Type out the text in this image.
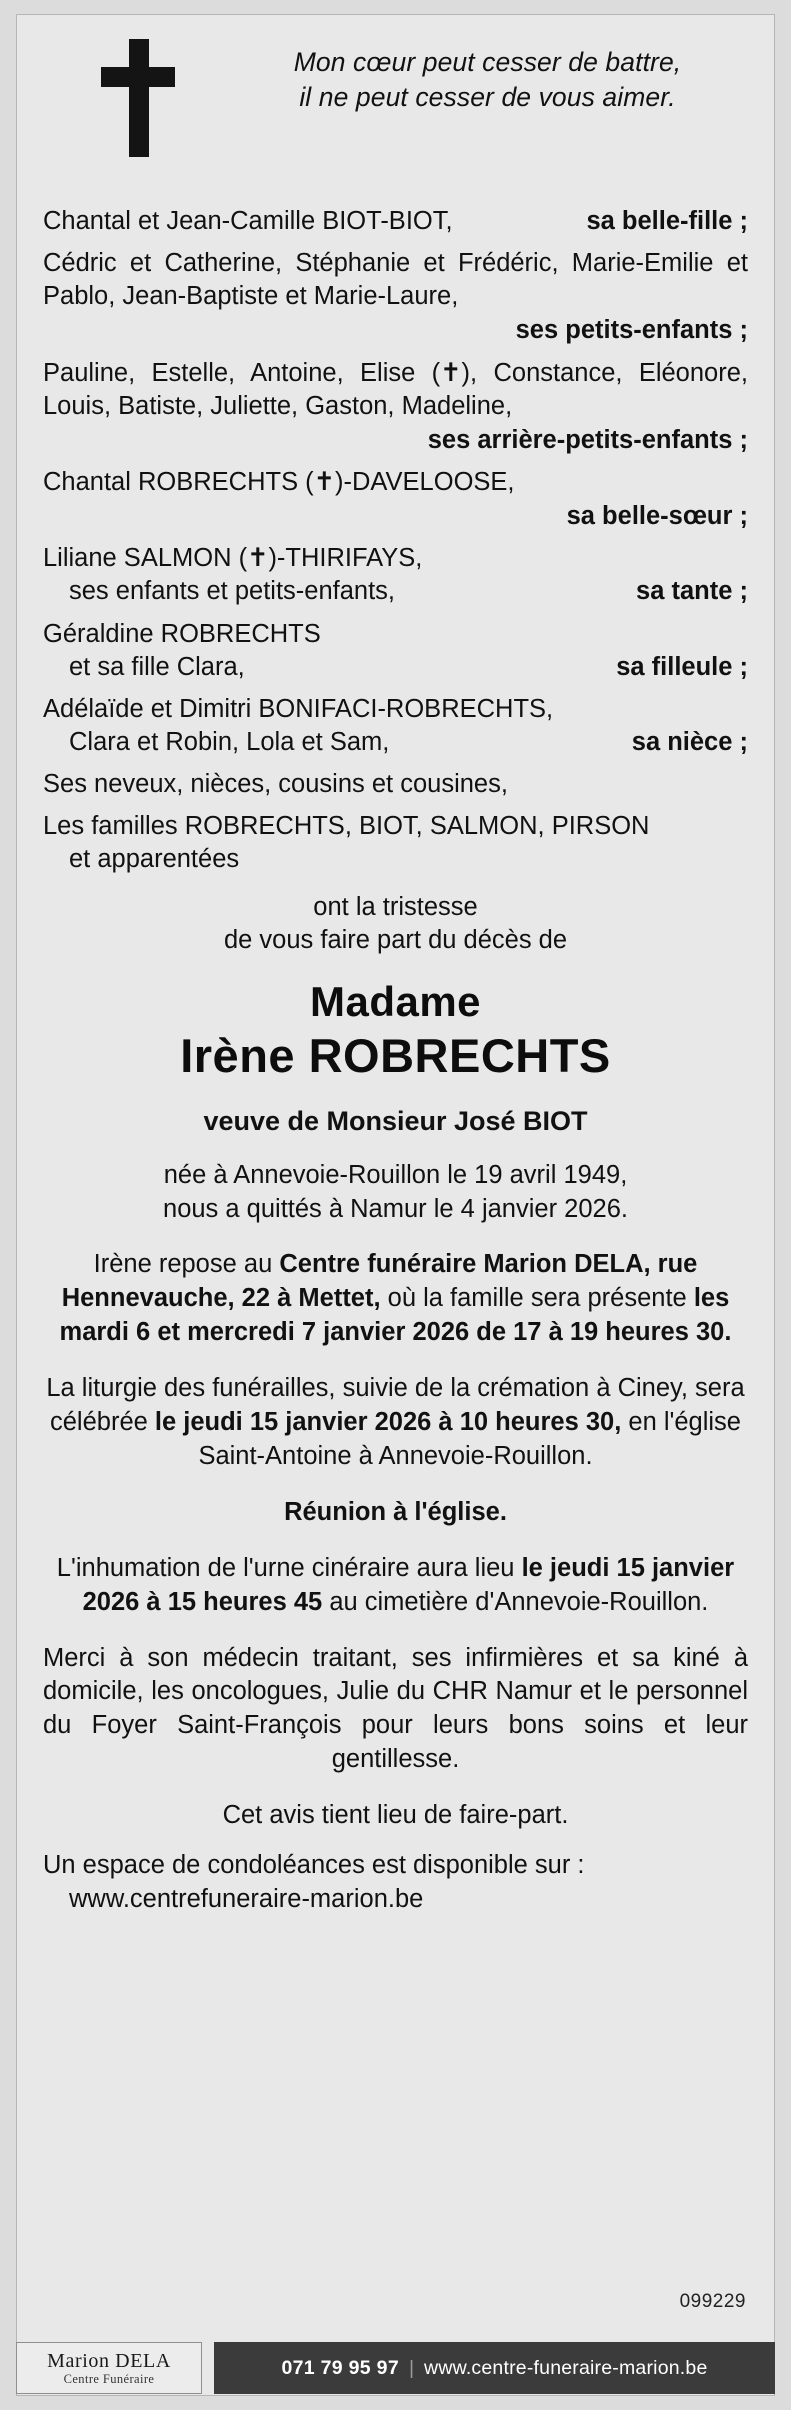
Mon cœur peut cesser de battre,
il ne peut cesser de vous aimer.
Chantal et Jean-Camille BIOT-BIOT,	sa belle-fille ;
Cédric et Catherine, Stéphanie et Frédéric, Marie-Emilie et Pablo, Jean-Baptiste et Marie-Laure,
ses petits-enfants ;
Pauline, Estelle, Antoine, Elise (✝), Constance, Eléonore, Louis, Batiste, Juliette, Gaston, Madeline,
ses arrière-petits-enfants ;
Chantal ROBRECHTS (✝)-DAVELOOSE,
sa belle-sœur ;
Liliane SALMON (✝)-THIRIFAYS,
ses enfants et petits-enfants,	sa tante ;
Géraldine ROBRECHTS
et sa fille Clara,	sa filleule ;
Adélaïde et Dimitri BONIFACI-ROBRECHTS,
Clara et Robin, Lola et Sam,	sa nièce ;
Ses neveux, nièces, cousins et cousines,
Les familles ROBRECHTS, BIOT, SALMON, PIRSON
et apparentées
ont la tristesse
de vous faire part du décès de
Madame
Irène ROBRECHTS
veuve de Monsieur José BIOT
née à Annevoie-Rouillon le 19 avril 1949,
nous a quittés à Namur le 4 janvier 2026.
Irène repose au Centre funéraire Marion DELA, rue Hennevauche, 22 à Mettet, où la famille sera présente les mardi 6 et mercredi 7 janvier 2026 de 17 à 19 heures 30.
La liturgie des funérailles, suivie de la crémation à Ciney, sera célébrée le jeudi 15 janvier 2026 à 10 heures 30, en l'église Saint-Antoine à Annevoie-Rouillon.
Réunion à l'église.
L'inhumation de l'urne cinéraire aura lieu le jeudi 15 janvier 2026 à 15 heures 45 au cimetière d'Annevoie-Rouillon.
Merci à son médecin traitant, ses infirmières et sa kiné à domicile, les oncologues, Julie du CHR Namur et le personnel du Foyer Saint-François pour leurs bons soins et leur gentillesse.
Cet avis tient lieu de faire-part.
Un espace de condoléances est disponible sur :
www.centrefuneraire-marion.be
099229
Marion DELA
Centre Funéraire
071 79 95 97 | www.centre-funeraire-marion.be
